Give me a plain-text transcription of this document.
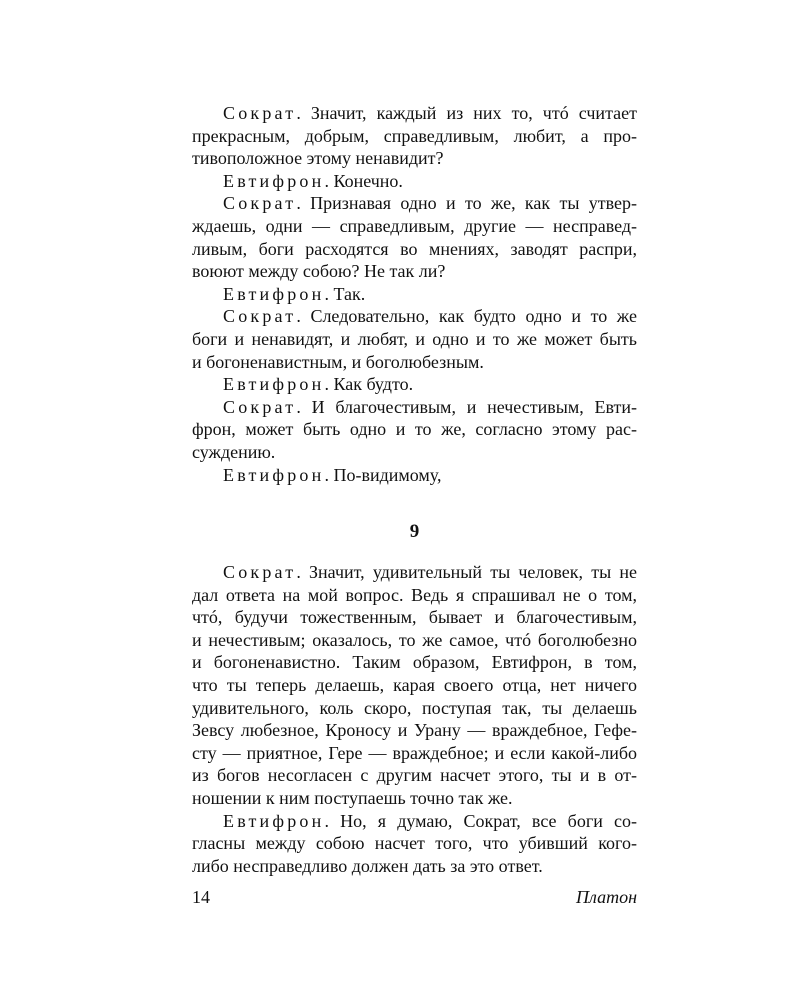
Сократ. Значит, каждый из них то, чтó считает
прекрасным, добрым, справедливым, любит, а про-
тивоположное этому ненавидит?
Евтифрон. Конечно.
Сократ. Признавая одно и то же, как ты утвер-
ждаешь, одни — справедливым, другие — несправед-
ливым, боги расходятся во мнениях, заводят распри,
воюют между собою? Не так ли?
Евтифрон. Так.
Сократ. Следовательно, как будто одно и то же
боги и ненавидят, и любят, и одно и то же может быть
и богоненавистным, и боголюбезным.
Евтифрон. Как будто.
Сократ. И благочестивым, и нечестивым, Евти-
фрон, может быть одно и то же, согласно этому рас-
суждению.
Евтифрон. По-видимому,
9
Сократ. Значит, удивительный ты человек, ты не
дал ответа на мой вопрос. Ведь я спрашивал не о том,
чтó, будучи тожественным, бывает и благочестивым,
и нечестивым; оказалось, то же самое, чтó боголюбезно
и богоненавистно. Таким образом, Евтифрон, в том,
что ты теперь делаешь, карая своего отца, нет ничего
удивительного, коль скоро, поступая так, ты делаешь
Зевсу любезное, Кроносу и Урану — враждебное, Гефе-
сту — приятное, Гере — враждебное; и если какой-либо
из богов несогласен с другим насчет этого, ты и в от-
ношении к ним поступаешь точно так же.
Евтифрон. Но, я думаю, Сократ, все боги со-
гласны между собою насчет того, что убивший кого-
либо несправедливо должен дать за это ответ.
14	Платон
